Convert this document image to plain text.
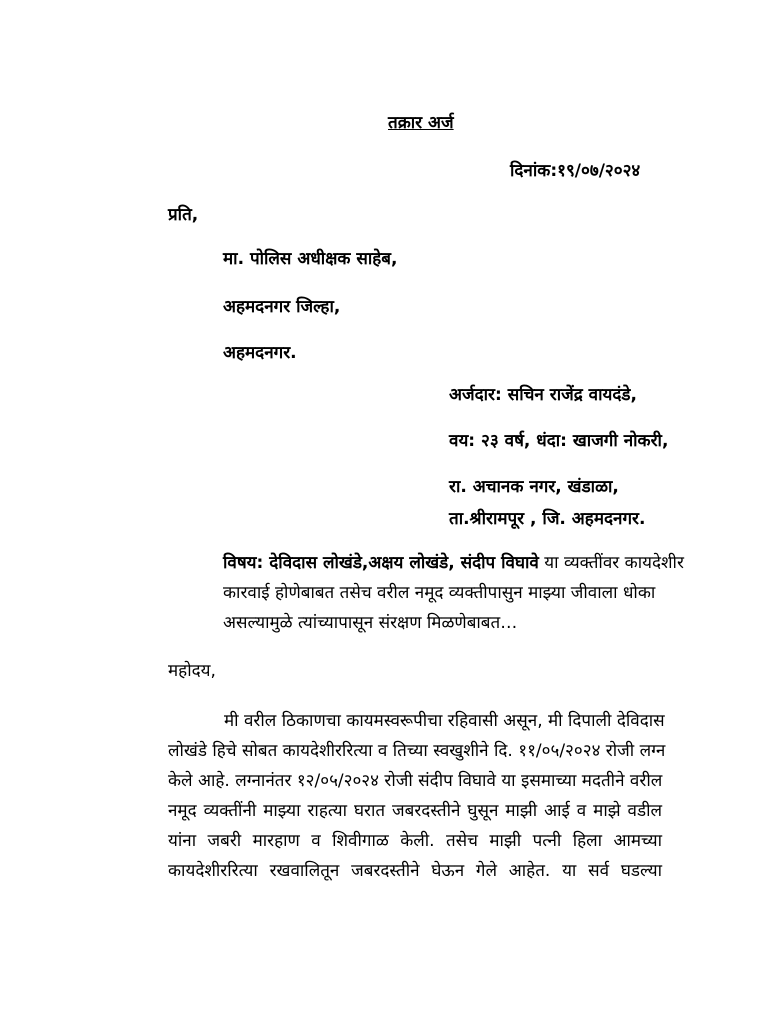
तक्रार अर्ज
दिनांक:१९/०७/२०२४
प्रति,
मा. पोलिस अधीक्षक साहेब,
अहमदनगर जिल्हा,
अहमदनगर.
अर्जदार: सचिन राजेंद्र वायदंडे,
वय: २३ वर्ष, धंदा: खाजगी नोकरी,
रा. अचानक नगर, खंडाळा,
ता.श्रीरामपूर , जि. अहमदनगर.
विषय: देविदास लोखंडे,अक्षय लोखंडे, संदीप विघावे या व्यक्तींवर कायदेशीर
कारवाई होणेबाबत तसेच वरील नमूद व्यक्तीपासुन माझ्या जीवाला धोका
असल्यामुळे त्यांच्यापासून संरक्षण मिळणेबाबत…
महोदय,
मी वरील ठिकाणचा कायमस्वरूपीचा रहिवासी असून, मी दिपाली देविदास
लोखंडे हिचे सोबत कायदेशीररित्या व तिच्या स्वखुशीने दि. ११/०५/२०२४ रोजी लग्न
केले आहे. लग्नानंतर १२/०५/२०२४ रोजी संदीप विघावे या इसमाच्या मदतीने वरील
नमूद व्यक्तींनी माझ्या राहत्या घरात जबरदस्तीने घुसून माझी आई व माझे वडील
यांना जबरी मारहाण व शिवीगाळ केली. तसेच माझी पत्नी हिला आमच्या
कायदेशीररित्या रखवालितून जबरदस्तीने घेऊन गेले आहेत. या सर्व घडल्या
